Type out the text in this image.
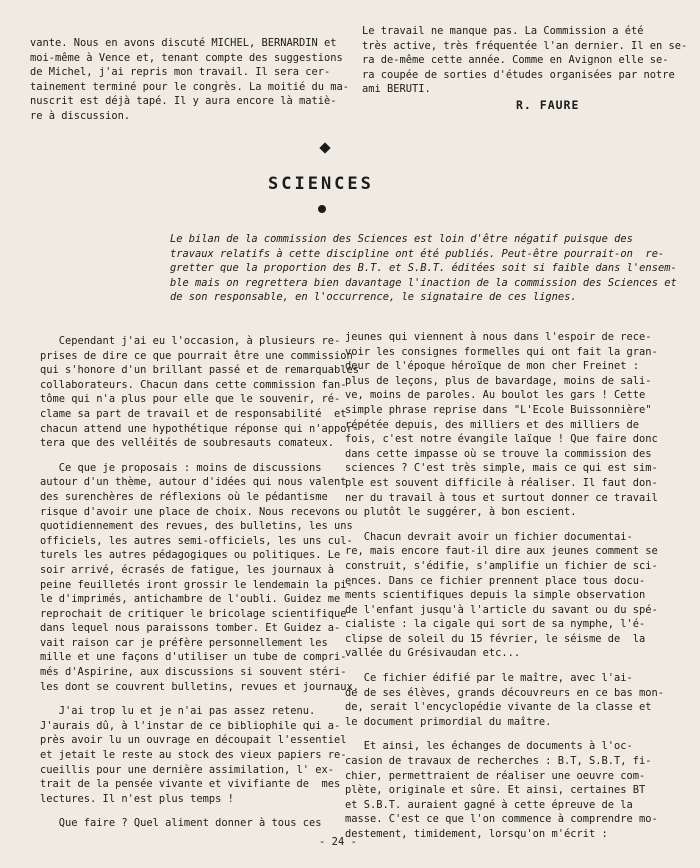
vante. Nous en avons discuté MICHEL, BERNARDIN et

moi-même à Vence et, tenant compte des suggestions

de Michel, j'ai repris mon travail. Il sera cer-

tainement terminé pour le congrès. La moitié du ma-

nuscrit est déjà tapé. Il y aura encore là matiè-

re à discussion.

Le travail ne manque pas. La Commission a été

très active, très fréquentée l'an dernier. Il en se-

ra de-même cette année. Comme en Avignon elle se-

ra coupée de sorties d'études organisées par notre

ami BERUTI.

R. FAURE
SCIENCES

Le bilan de la commission des Sciences est loin d'être négatif puisque des

travaux relatifs à cette discipline ont été publiés. Peut-être pourrait-on  re-

gretter que la proportion des B.T. et S.B.T. éditées soit si faible dans l'ensem-

ble mais on regrettera bien davantage l'inaction de la commission des Sciences et

de son responsable, en l'occurrence, le signataire de ces lignes.

Cependant j'ai eu l'occasion, à plusieurs re-

prises de dire ce que pourrait être une commission

qui s'honore d'un brillant passé et de remarquables

collaborateurs. Chacun dans cette commission fan-

tôme qui n'a plus pour elle que le souvenir, ré-

clame sa part de travail et de responsabilité  et

chacun attend une hypothétique réponse qui n'appor-

tera que des velléités de soubresauts comateux.

Ce que je proposais : moins de discussions

autour d'un thème, autour d'idées qui nous valent

des surenchères de réflexions où le pédantisme

risque d'avoir une place de choix. Nous recevons

quotidiennement des revues, des bulletins, les uns

officiels, les autres semi-officiels, les uns cul-

turels les autres pédagogiques ou politiques. Le

soir arrivé, écrasés de fatigue, les journaux à

peine feuilletés iront grossir le lendemain la pi-

le d'imprimés, antichambre de l'oubli. Guidez me

reprochait de critiquer le bricolage scientifique

dans lequel nous paraissons tomber. Et Guidez a-

vait raison car je préfère personnellement les

mille et une façons d'utiliser un tube de compri-

més d'Aspirine, aux discussions si souvent stéri-

les dont se couvrent bulletins, revues et journaux.

J'ai trop lu et je n'ai pas assez retenu.

J'aurais dû, à l'instar de ce bibliophile qui a-

près avoir lu un ouvrage en découpait l'essentiel

et jetait le reste au stock des vieux papiers re-

cueillis pour une dernière assimilation, l' ex-

trait de la pensée vivante et vivifiante de  mes

lectures. Il n'est plus temps !

Que faire ? Quel aliment donner à tous ces

jeunes qui viennent à nous dans l'espoir de rece-

voir les consignes formelles qui ont fait la gran-

deur de l'époque héroïque de mon cher Freinet :

plus de leçons, plus de bavardage, moins de sali-

ve, moins de paroles. Au boulot les gars ! Cette

simple phrase reprise dans "L'Ecole Buissonnière"

répétée depuis, des milliers et des milliers de

fois, c'est notre évangile laïque ! Que faire donc

dans cette impasse où se trouve la commission des

sciences ? C'est très simple, mais ce qui est sim-

ple est souvent difficile à réaliser. Il faut don-

ner du travail à tous et surtout donner ce travail

ou plutôt le suggérer, à bon escient.

Chacun devrait avoir un fichier documentai-

re, mais encore faut-il dire aux jeunes comment se

construit, s'édifie, s'amplifie un fichier de sci-

ences. Dans ce fichier prennent place tous docu-

ments scientifiques depuis la simple observation

de l'enfant jusqu'à l'article du savant ou du spé-

cialiste : la cigale qui sort de sa nymphe, l'é-

clipse de soleil du 15 février, le séisme de  la

vallée du Grésivaudan etc...

Ce fichier édifié par le maître, avec l'ai-

de de ses élèves, grands découvreurs en ce bas mon-

de, serait l'encyclopédie vivante de la classe et

le document primordial du maître.

Et ainsi, les échanges de documents à l'oc-

casion de travaux de recherches : B.T, S.B.T, fi-

chier, permettraient de réaliser une oeuvre com-

plète, originale et sûre. Et ainsi, certaines BT

et S.B.T. auraient gagné à cette épreuve de la

masse. C'est ce que l'on commence à comprendre mo-

destement, timidement, lorsqu'on m'écrit :

- 24 -
